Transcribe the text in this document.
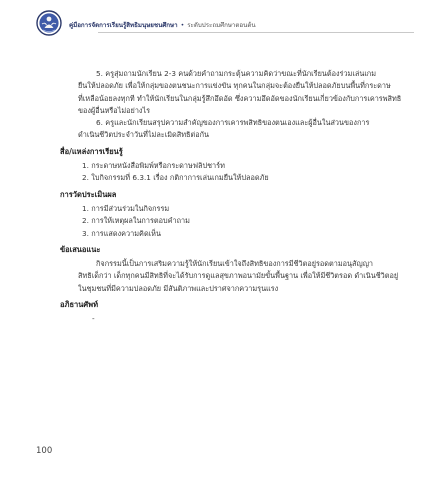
คู่มือการจัดการเรียนรู้สิทธิมนุษยชนศึกษา • ระดับประถมศึกษาตอนต้น
5. ครูสุ่มถามนักเรียน 2-3 คนด้วยคำถามกระตุ้นความคิดว่าขณะที่นักเรียนต้องร่วมเล่นเกม
ยืนให้ปลอดภัย เพื่อให้กลุ่มของตนชนะการแข่งขัน ทุกคนในกลุ่มจะต้องยืนให้ปลอดภัยบนพื้นที่กระดาษ
ที่เหลือน้อยลงทุกที ทำให้นักเรียนในกลุ่มรู้สึกอึดอัด ซึ่งความอึดอัดของนักเรียนเกี่ยวข้องกับการเคารพสิทธิ
ของผู้อื่นหรือไม่อย่างไร
6. ครูและนักเรียนสรุปความสำคัญของการเคารพสิทธิของตนเองและผู้อื่นในส่วนของการ
ดำเนินชีวิตประจำวันที่ไม่ละเมิดสิทธิต่อกัน
สื่อ/แหล่งการเรียนรู้
1. กระดาษหนังสือพิมพ์หรือกระดาษฟลิปชาร์ท
2. ใบกิจกรรมที่ 6.3.1 เรื่อง กติกาการเล่นเกมยืนให้ปลอดภัย
การวัดประเมินผล
1. การมีส่วนร่วมในกิจกรรม
2. การให้เหตุผลในการตอบคำถาม
3. การแสดงความคิดเห็น
ข้อเสนอแนะ
กิจกรรมนี้เป็นการเสริมความรู้ให้นักเรียนเข้าใจถึงสิทธิของการมีชีวิตอยู่รอดตามอนุสัญญา
สิทธิเด็กว่า เด็กทุกคนมีสิทธิที่จะได้รับการดูแลสุขภาพอนามัยขั้นพื้นฐาน เพื่อให้มีชีวิตรอด ดำเนินชีวิตอยู่
ในชุมชนที่มีความปลอดภัย มีสันติภาพและปราศจากความรุนแรง
อภิธานศัพท์
-
100
